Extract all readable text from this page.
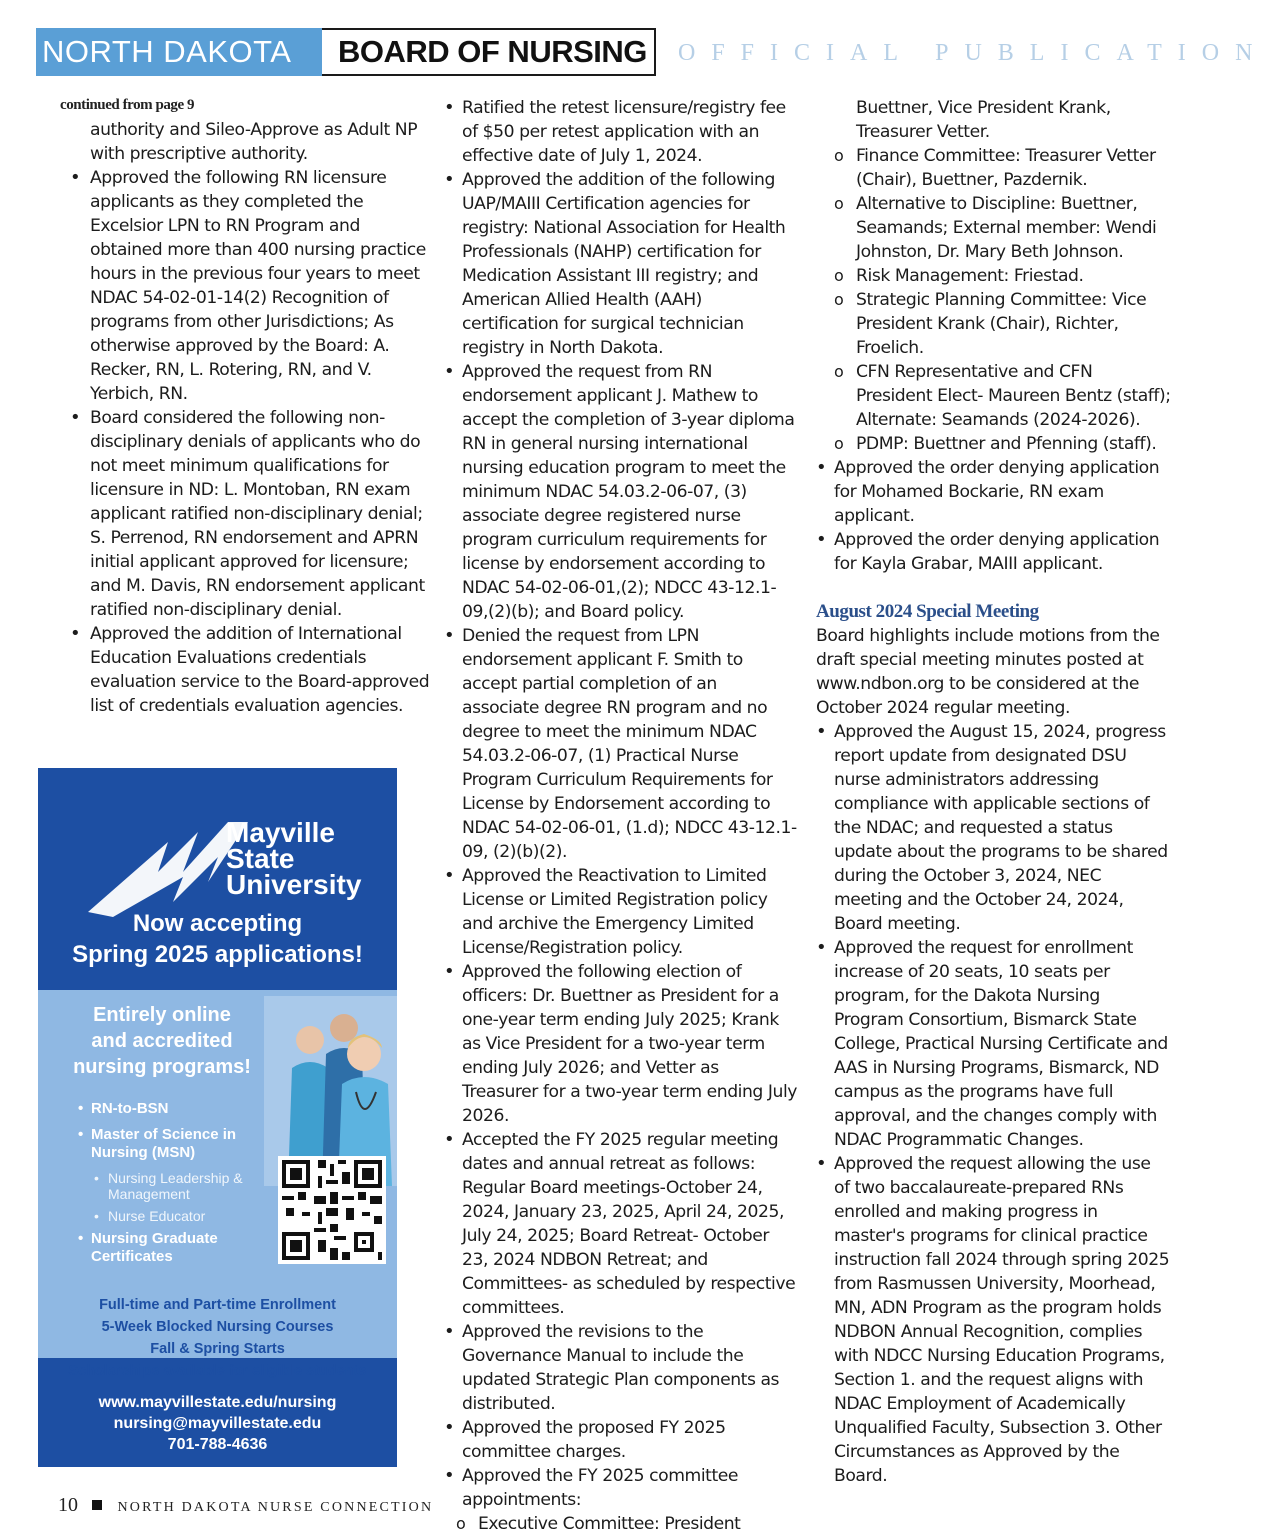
NORTH DAKOTA	BOARD OF NURSING	OFFICIAL PUBLICATION

continued from page 9

authority and Sileo-Approve as Adult NP with prescriptive authority.

• Approved the following RN licensure applicants as they completed the Excelsior LPN to RN Program and obtained more than 400 nursing practice hours in the previous four years to meet NDAC 54-02-01-14(2) Recognition of programs from other Jurisdictions; As otherwise approved by the Board: A. Recker, RN, L. Rotering, RN, and V. Yerbich, RN.
• Board considered the following non-disciplinary denials of applicants who do not meet minimum qualifications for licensure in ND: L. Montoban, RN exam applicant ratified non-disciplinary denial; S. Perrenod, RN endorsement and APRN initial applicant approved for licensure; and M. Davis, RN endorsement applicant ratified non-disciplinary denial.
• Approved the addition of International Education Evaluations credentials evaluation service to the Board-approved list of credentials evaluation agencies.
• Ratified the retest licensure/registry fee of $50 per retest application with an effective date of July 1, 2024.
• Approved the addition of the following UAP/MAIII Certification agencies for registry: National Association for Health Professionals (NAHP) certification for Medication Assistant III registry; and American Allied Health (AAH) certification for surgical technician registry in North Dakota.
• Approved the request from RN endorsement applicant J. Mathew to accept the completion of 3-year diploma RN in general nursing international nursing education program to meet the minimum NDAC 54.03.2-06-07, (3) associate degree registered nurse program curriculum requirements for license by endorsement according to NDAC 54-02-06-01,(2); NDCC 43-12.1-09,(2)(b); and Board policy.
• Denied the request from LPN endorsement applicant F. Smith to accept partial completion of an associate degree RN program and no degree to meet the minimum NDAC 54.03.2-06-07, (1) Practical Nurse Program Curriculum Requirements for License by Endorsement according to NDAC 54-02-06-01, (1.d); NDCC 43-12.1-09, (2)(b)(2).
• Approved the Reactivation to Limited License or Limited Registration policy and archive the Emergency Limited License/Registration policy.
• Approved the following election of officers: Dr. Buettner as President for a one-year term ending July 2025; Krank as Vice President for a two-year term ending July 2026; and Vetter as Treasurer for a two-year term ending July 2026.
• Accepted the FY 2025 regular meeting dates and annual retreat as follows: Regular Board meetings-October 24, 2024, January 23, 2025, April 24, 2025, July 24, 2025; Board Retreat- October 23, 2024 NDBON Retreat; and Committees- as scheduled by respective committees.
• Approved the revisions to the Governance Manual to include the updated Strategic Plan components as distributed.
• Approved the proposed FY 2025 committee charges.
• Approved the FY 2025 committee appointments:
o Executive Committee: President

Buettner, Vice President Krank, Treasurer Vetter.

o Finance Committee: Treasurer Vetter (Chair), Buettner, Pazdernik.
o Alternative to Discipline: Buettner, Seamands; External member: Wendi Johnston, Dr. Mary Beth Johnson.
o Risk Management: Friestad.
o Strategic Planning Committee: Vice President Krank (Chair), Richter, Froelich.
o CFN Representative and CFN President Elect- Maureen Bentz (staff); Alternate: Seamands (2024-2026).
o PDMP: Buettner and Pfenning (staff).
• Approved the order denying application for Mohamed Bockarie, RN exam applicant.
• Approved the order denying application for Kayla Grabar, MAIII applicant.
August 2024 Special Meeting

Board highlights include motions from the draft special meeting minutes posted at www.ndbon.org to be considered at the October 2024 regular meeting.

• Approved the August 15, 2024, progress report update from designated DSU nurse administrators addressing compliance with applicable sections of the NDAC; and requested a status update about the programs to be shared during the October 3, 2024, NEC meeting and the October 24, 2024, Board meeting.
• Approved the request for enrollment increase of 20 seats, 10 seats per program, for the Dakota Nursing Program Consortium, Bismarck State College, Practical Nursing Certificate and AAS in Nursing Programs, Bismarck, ND campus as the programs have full approval, and the changes comply with NDAC Programmatic Changes.
• Approved the request allowing the use of two baccalaureate-prepared RNs enrolled and making progress in master's programs for clinical practice instruction fall 2024 through spring 2025 from Rasmussen University, Moorhead, MN, ADN Program as the program holds NDBON Annual Recognition, complies with NDCC Nursing Education Programs, Section 1. and the request aligns with NDAC Employment of Academically Unqualified Faculty, Subsection 3. Other Circumstances as Approved by the Board.
Mayville
State
University
Now accepting
Spring 2025 applications!
Entirely online
and accredited
nursing programs!
• RN-to-BSN
• Master of Science in Nursing (MSN)
• Nursing Leadership & Management
• Nurse Educator
• Nursing Graduate Certificates
Full-time and Part-time Enrollment
5-Week Blocked Nursing Courses
Fall & Spring Starts
Scholarships available for eligible students
www.mayvillestate.edu/nursing
nursing@mayvillestate.edu
701-788-4636
10	NORTH DAKOTA NURSE CONNECTION
